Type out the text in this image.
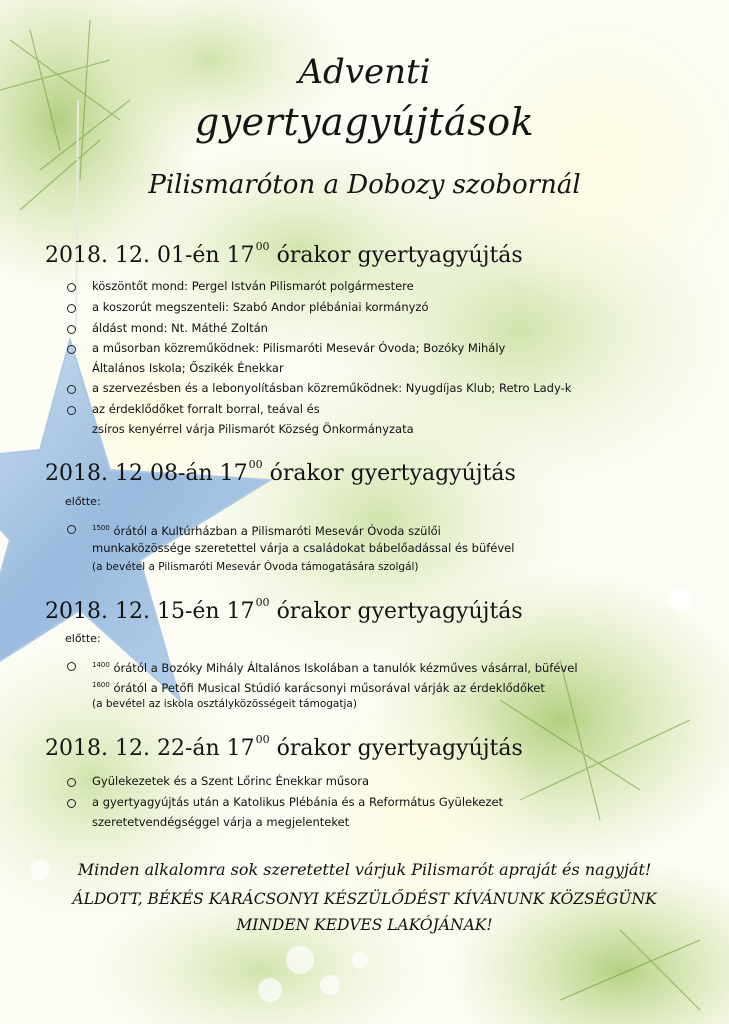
Adventi
gyertyagyújtások
Pilismaróton a Dobozy szobornál
2018. 12. 01-én $17^{00}$ órakor gyertyagyújtás
köszöntőt mond: Pergel István Pilismarót polgármestere
a koszorút megszenteli: Szabó Andor plébániai kormányzó
áldást mond: Nt. Máthé Zoltán
a műsorban közreműködnek: Pilismaróti Mesevár Óvoda; Bozóky Mihály
Általános Iskola; Őszikék Énekkar
a szervezésben és a lebonyolításban közreműködnek: Nyugdíjas Klub; Retro Lady-k
az érdeklődőket forralt borral, teával és
zsíros kenyérrel várja Pilismarót Község Önkormányzata
2018. 12 08-án $17^{00}$ órakor gyertyagyújtás
előtte:
$^{1500}$ órától a Kultúrházban a Pilismaróti Mesevár Óvoda szülői
munkaközössége szeretettel várja a családokat bábelőadással és büfével
(a bevétel a Pilismaróti Mesevár Óvoda támogatására szolgál)
2018. 12. 15-én $17^{00}$ órakor gyertyagyújtás
előtte:
$^{1400}$ órától a Bozóky Mihály Általános Iskolában a tanulók kézműves vásárral, büfével
$^{1600}$ órától a Petőfi Musical Stúdió karácsonyi műsorával várják az érdeklődőket
(a bevétel az iskola osztályközösségeit támogatja)
2018. 12. 22-án $17^{00}$ órakor gyertyagyújtás
Gyülekezetek és a Szent Lőrinc Énekkar műsora
a gyertyagyújtás után a Katolikus Plébánia és a Református Gyülekezet
szeretetvendégséggel várja a megjelenteket
Minden alkalomra sok szeretettel várjuk Pilismarót apraját és nagyját!
ÁLDOTT, BÉKÉS KARÁCSONYI KÉSZÜLŐDÉST KÍVÁNUNK KÖZSÉGÜNK
MINDEN KEDVES LAKÓJÁNAK!
